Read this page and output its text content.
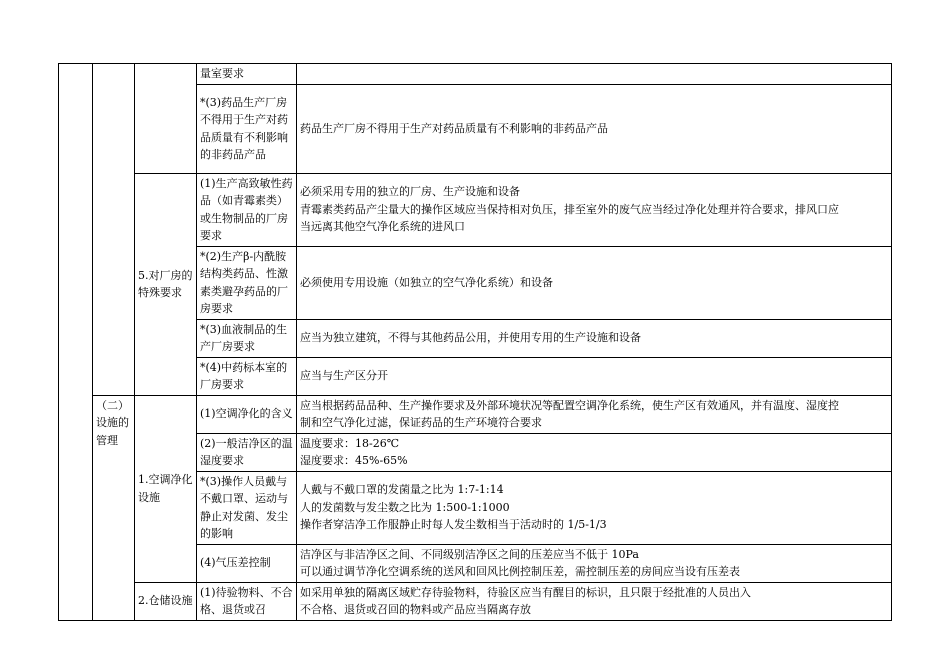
			量室要求	
			*(3)药品生产厂房不得用于生产对药品质量有不利影响的非药品产品	药品生产厂房不得用于生产对药品质量有不利影响的非药品产品

		5.对厂房的特殊要求	(1)生产高致敏性药品（如青霉素类）或生物制品的厂房要求	必须采用专用的独立的厂房、生产设施和设备
青霉素类药品产尘量大的操作区域应当保持相对负压，排至室外的废气应当经过净化处理并符合要求，排风口应
当远离其他空气净化系统的进风口

			*(2)生产β-内酰胺结构类药品、性激素类避孕药品的厂房要求	必须使用专用设施（如独立的空气净化系统）和设备

			*(3)血液制品的生产厂房要求	应当为独立建筑，不得与其他药品公用，并使用专用的生产设施和设备

			*(4)中药标本室的厂房要求	应当与生产区分开

	（二）设施的管理	1.空调净化设施	(1)空调净化的含义	应当根据药品品种、生产操作要求及外部环境状况等配置空调净化系统，使生产区有效通风，并有温度、湿度控
制和空气净化过滤，保证药品的生产环境符合要求

			(2)一般洁净区的温湿度要求	温度要求：18-26℃
湿度要求：45%-65%

			*(3)操作人员戴与不戴口罩、运动与静止对发菌、发尘的影响	人戴与不戴口罩的发菌量之比为 1:7-1:14
人的发菌数与发尘数之比为 1:500-1:1000
操作者穿洁净工作服静止时每人发尘数相当于活动时的 1/5-1/3

			(4)气压差控制	洁净区与非洁净区之间、不同级别洁净区之间的压差应当不低于 10Pa
可以通过调节净化空调系统的送风和回风比例控制压差，需控制压差的房间应当设有压差表

		2.仓储设施	(1)待验物料、不合格、退货或召	如采用单独的隔离区域贮存待验物料，待验区应当有醒目的标识，且只限于经批准的人员出入
不合格、退货或召回的物料或产品应当隔离存放
